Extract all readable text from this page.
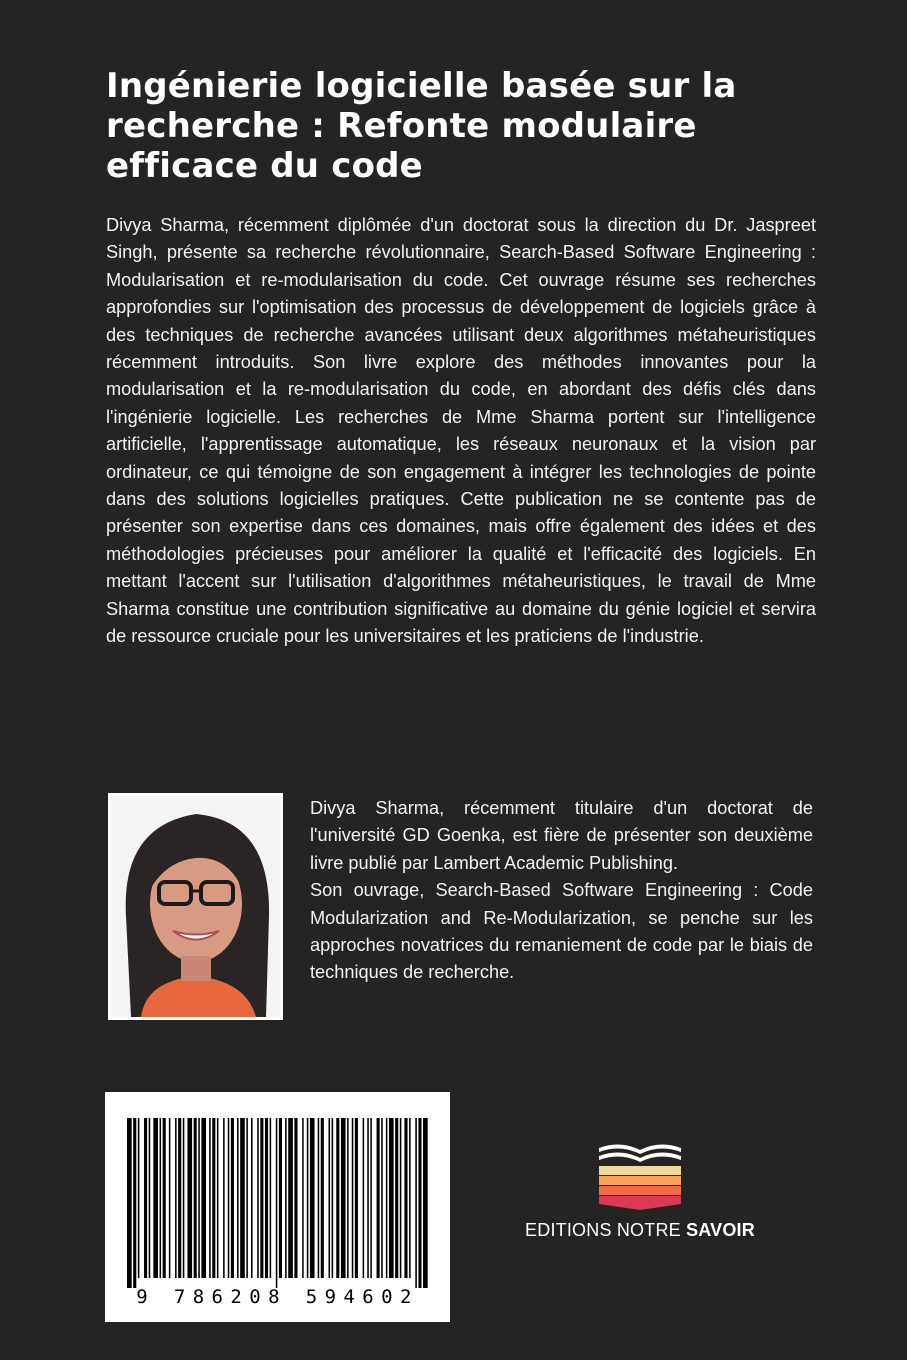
Ingénierie logicielle basée sur la recherche : Refonte modulaire efficace du code

Divya Sharma, récemment diplômée d'un doctorat sous la direction du Dr. Jaspreet Singh, présente sa recherche révolutionnaire, Search-Based Software Engineering : Modularisation et re-modularisation du code. Cet ouvrage résume ses recherches approfondies sur l'optimisation des processus de développement de logiciels grâce à des techniques de recherche avancées utilisant deux algorithmes métaheuristiques récemment introduits. Son livre explore des méthodes innovantes pour la modularisation et la re-modularisation du code, en abordant des défis clés dans l'ingénierie logicielle. Les recherches de Mme Sharma portent sur l'intelligence artificielle, l'apprentissage automatique, les réseaux neuronaux et la vision par ordinateur, ce qui témoigne de son engagement à intégrer les technologies de pointe dans des solutions logicielles pratiques. Cette publication ne se contente pas de présenter son expertise dans ces domaines, mais offre également des idées et des méthodologies précieuses pour améliorer la qualité et l'efficacité des logiciels. En mettant l'accent sur l'utilisation d'algorithmes métaheuristiques, le travail de Mme Sharma constitue une contribution significative au domaine du génie logiciel et servira de ressource cruciale pour les universitaires et les praticiens de l'industrie.

Divya Sharma, récemment titulaire d'un doctorat de l'université GD Goenka, est fière de présenter son deuxième livre publié par Lambert Academic Publishing.

Son ouvrage, Search-Based Software Engineering : Code Modularization and Re-Modularization, se penche sur les approches novatrices du remaniement de code par le biais de techniques de recherche.

9 786208 594602
EDITIONS NOTRE SAVOIR
